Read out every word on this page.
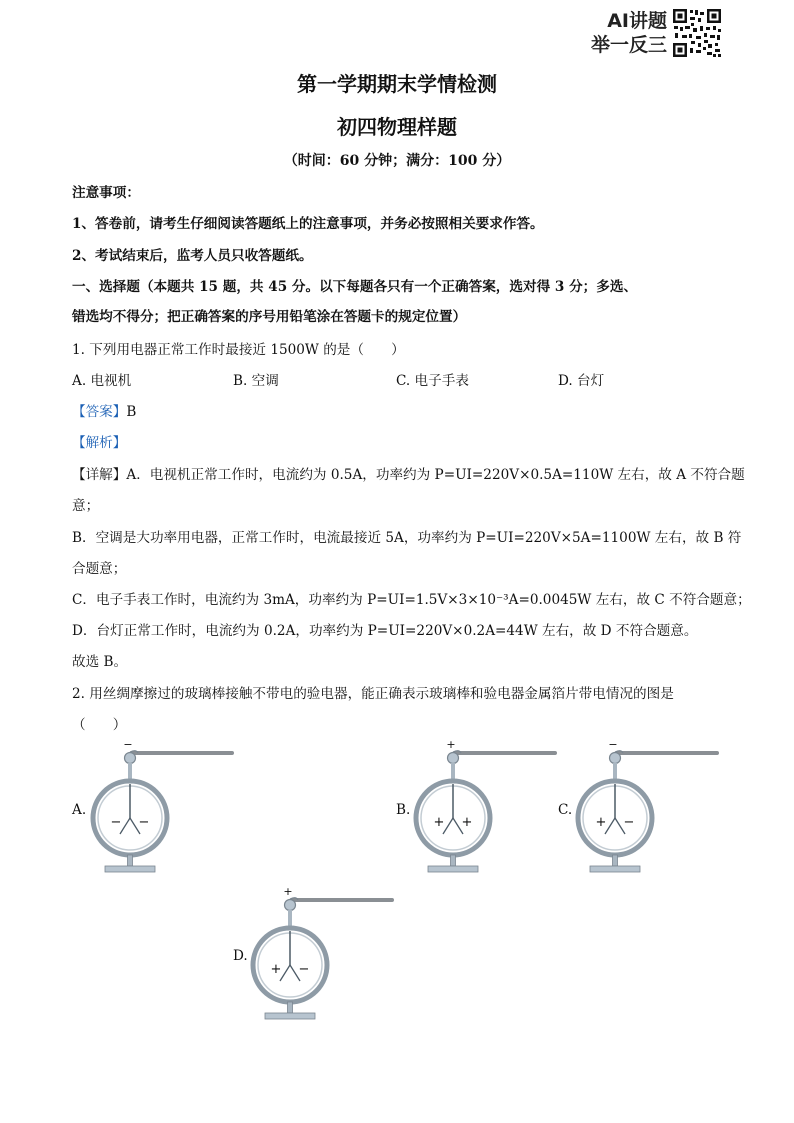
AI讲题
举一反三
第一学期期末学情检测
初四物理样题
（时间：60 分钟；满分：100 分）
注意事项：
1、答卷前，请考生仔细阅读答题纸上的注意事项，并务必按照相关要求作答。
2、考试结束后，监考人员只收答题纸。
一、选择题（本题共 15 题，共 45 分。以下每题各只有一个正确答案，选对得 3 分；多选、
错选均不得分；把正确答案的序号用铅笔涂在答题卡的规定位置）
1. 下列用电器正常工作时最接近 1500W 的是（　　）
A. 电视机	B. 空调	C. 电子手表	D. 台灯
【答案】B
【解析】
【详解】A．电视机正常工作时，电流约为 0.5A，功率约为 P=UI=220V×0.5A=110W 左右，故 A 不符合题
意；
B．空调是大功率用电器，正常工作时，电流最接近 5A，功率约为 P=UI=220V×5A=1100W 左右，故 B 符
合题意；
C．电子手表工作时，电流约为 3mA，功率约为 P=UI=1.5V×3×10⁻³A=0.0045W 左右，故 C 不符合题意；
D．台灯正常工作时，电流约为 0.2A，功率约为 P=UI=220V×0.2A=44W 左右，故 D 不符合题意。
故选 B。
2. 用丝绸摩擦过的玻璃棒接触不带电的验电器，能正确表示玻璃棒和验电器金属箔片带电情况的图是
（　　）
A.	B.	C.
D.
−
− −
+
+ +
−
+ −
+
+ −
